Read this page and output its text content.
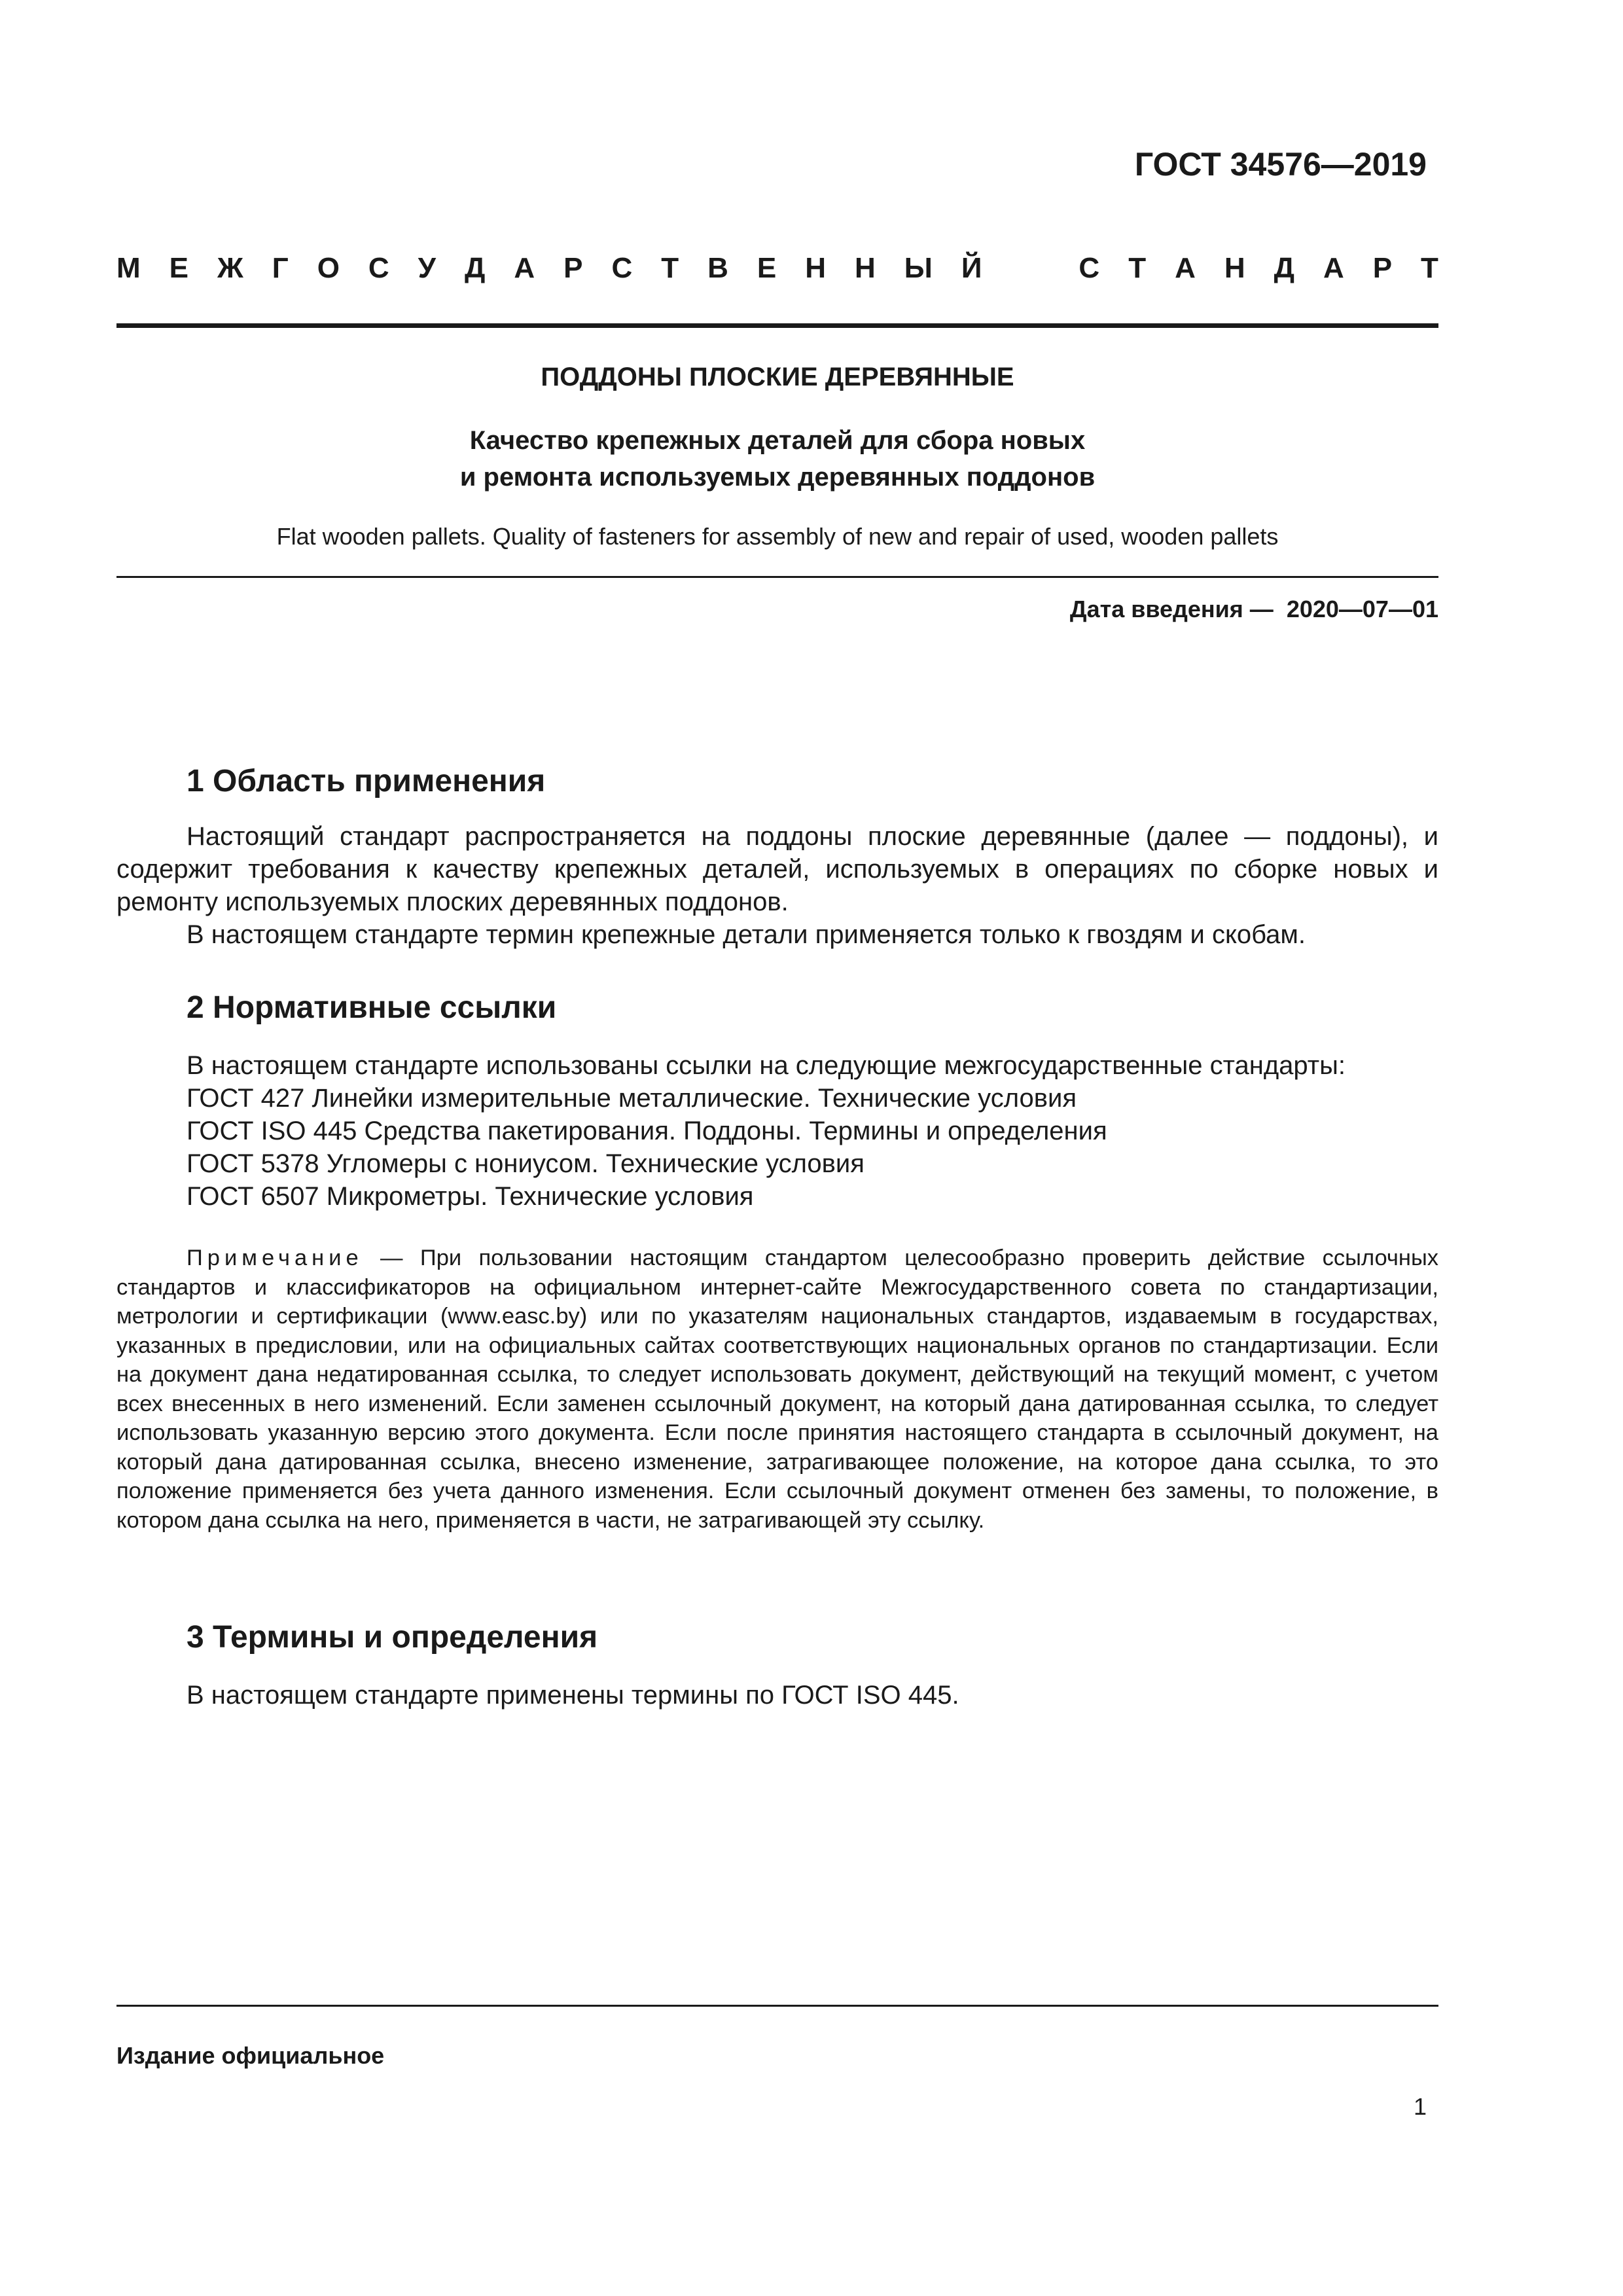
ГОСТ 34576—2019
М Е Ж Г О С У Д А Р С Т В Е Н Н Ы Й	С Т А Н Д А Р Т
ПОДДОНЫ ПЛОСКИЕ ДЕРЕВЯННЫЕ
Качество крепежных деталей для сбора новых
и ремонта используемых деревянных поддонов
Flat wooden pallets. Quality of fasteners for assembly of new and repair of used, wooden pallets
Дата введения — 2020—07—01
1 Область применения
Настоящий стандарт распространяется на поддоны плоские деревянные (далее — поддоны), и содержит требования к качеству крепежных деталей, используемых в операциях по сборке новых и ремонту используемых плоских деревянных поддонов.
В настоящем стандарте термин крепежные детали применяется только к гвоздям и скобам.
2 Нормативные ссылки
В настоящем стандарте использованы ссылки на следующие межгосударственные стандарты:
ГОСТ 427 Линейки измерительные металлические. Технические условия
ГОСТ ISO 445 Средства пакетирования. Поддоны. Термины и определения
ГОСТ 5378 Угломеры с нониусом. Технические условия
ГОСТ 6507 Микрометры. Технические условия
Примечание — При пользовании настоящим стандартом целесообразно проверить действие ссылочных стандартов и классификаторов на официальном интернет-сайте Межгосударственного совета по стандартизации, метрологии и сертификации (www.easc.by) или по указателям национальных стандартов, издаваемым в государствах, указанных в предисловии, или на официальных сайтах соответствующих национальных органов по стандартизации. Если на документ дана недатированная ссылка, то следует использовать документ, действующий на текущий момент, с учетом всех внесенных в него изменений. Если заменен ссылочный документ, на который дана датированная ссылка, то следует использовать указанную версию этого документа. Если после принятия настоящего стандарта в ссылочный документ, на который дана датированная ссылка, внесено изменение, затрагивающее положение, на которое дана ссылка, то это положение применяется без учета данного изменения. Если ссылочный документ отменен без замены, то положение, в котором дана ссылка на него, применяется в части, не затрагивающей эту ссылку.
3 Термины и определения
В настоящем стандарте применены термины по ГОСТ ISO 445.
Издание официальное
1
